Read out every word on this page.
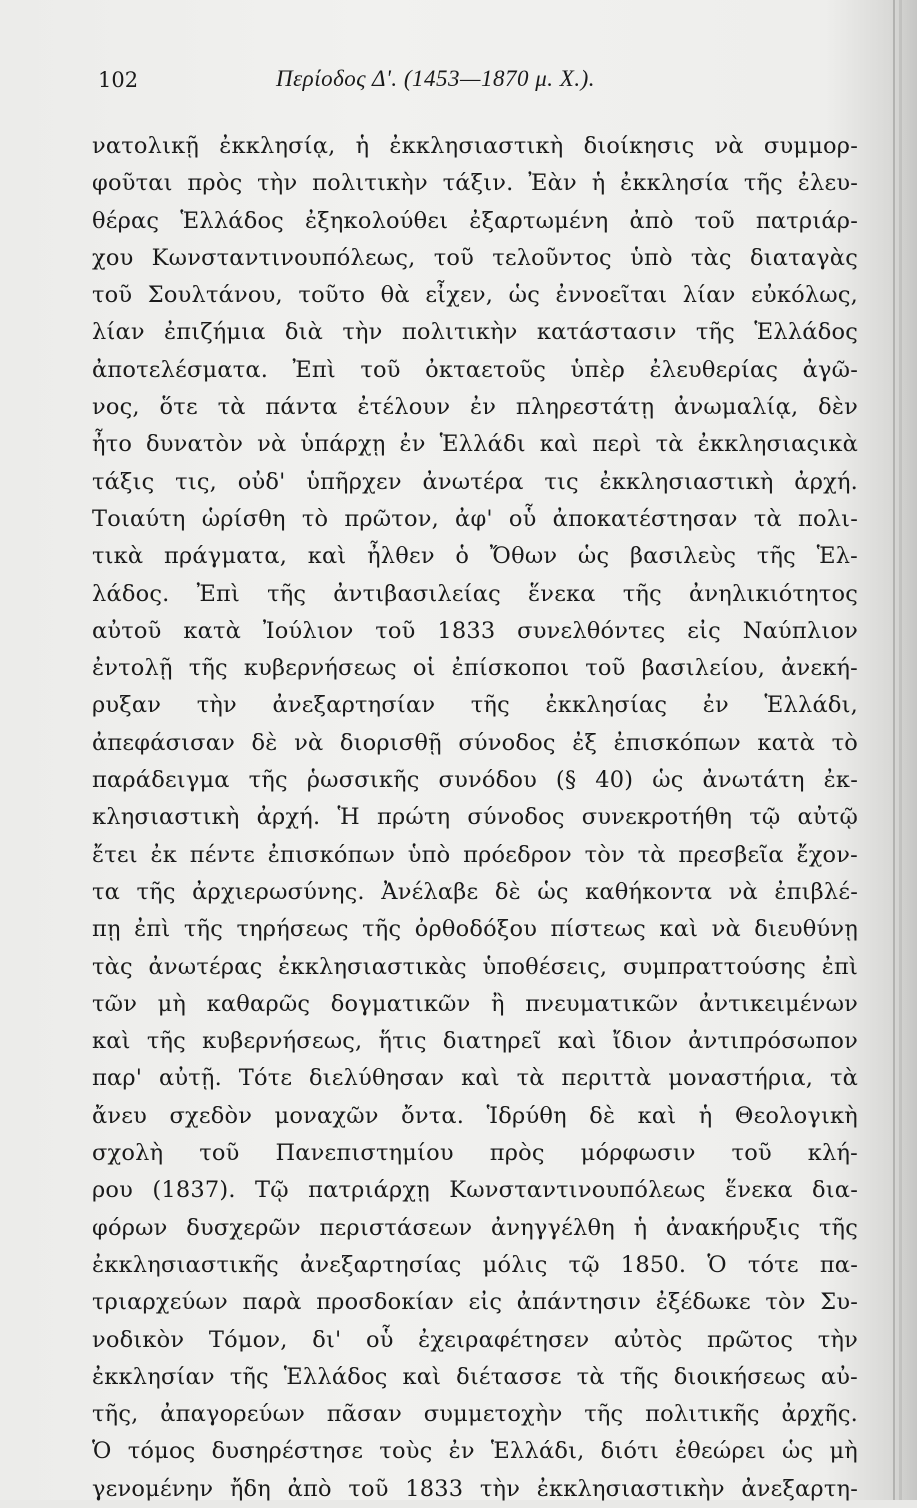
102	Περίοδος Δ'. (1453—1870 μ. Χ.).
νατολικῇ ἐκκλησίᾳ, ἡ ἐκκλησιαστικὴ διοίκησις νὰ συμμορ-
φοῦται πρὸς τὴν πολιτικὴν τάξιν. Ἐὰν ἡ ἐκκλησία τῆς ἐλευ-
θέρας Ἑλλάδος ἐξηκολούθει ἐξαρτωμένη ἀπὸ τοῦ πατριάρ-
χου Κωνσταντινουπόλεως, τοῦ τελοῦντος ὑπὸ τὰς διαταγὰς
τοῦ Σουλτάνου, τοῦτο θὰ εἶχεν, ὡς ἐννοεῖται λίαν εὐκόλως,
λίαν ἐπιζήμια διὰ τὴν πολιτικὴν κατάστασιν τῆς Ἑλλάδος
ἀποτελέσματα. Ἐπὶ τοῦ ὀκταετοῦς ὑπὲρ ἐλευθερίας ἀγῶ-
νος, ὅτε τὰ πάντα ἐτέλουν ἐν πληρεστάτῃ ἀνωμαλίᾳ, δὲν
ἦτο δυνατὸν νὰ ὑπάρχῃ ἐν Ἑλλάδι καὶ περὶ τὰ ἐκκλησιαςικὰ
τάξις τις, οὐδ' ὑπῆρχεν ἀνωτέρα τις ἐκκλησιαστικὴ ἀρχή.
Τοιαύτη ὡρίσθη τὸ πρῶτον, ἀφ' οὗ ἀποκατέστησαν τὰ πολι-
τικὰ πράγματα, καὶ ἦλθεν ὁ Ὄθων ὡς βασιλεὺς τῆς Ἑλ-
λάδος. Ἐπὶ τῆς ἀντιβασιλείας ἕνεκα τῆς ἀνηλικιότητος
αὐτοῦ κατὰ Ἰούλιον τοῦ 1833 συνελθόντες εἰς Ναύπλιον
ἐντολῇ τῆς κυβερνήσεως οἱ ἐπίσκοποι τοῦ βασιλείου, ἀνεκή-
ρυξαν τὴν ἀνεξαρτησίαν τῆς ἐκκλησίας ἐν Ἑλλάδι,
ἀπεφάσισαν δὲ νὰ διορισθῇ σύνοδος ἐξ ἐπισκόπων κατὰ τὸ
παράδειγμα τῆς ῥωσσικῆς συνόδου (§ 40) ὡς ἀνωτάτη ἐκ-
κλησιαστικὴ ἀρχή. Ἡ πρώτη σύνοδος συνεκροτήθη τῷ αὐτῷ
ἔτει ἐκ πέντε ἐπισκόπων ὑπὸ πρόεδρον τὸν τὰ πρεσβεῖα ἔχον-
τα τῆς ἀρχιερωσύνης. Ἀνέλαβε δὲ ὡς καθήκοντα νὰ ἐπιβλέ-
πῃ ἐπὶ τῆς τηρήσεως τῆς ὀρθοδόξου πίστεως καὶ νὰ διευθύνῃ
τὰς ἀνωτέρας ἐκκλησιαστικὰς ὑποθέσεις, συμπραττούσης ἐπὶ
τῶν μὴ καθαρῶς δογματικῶν ἢ πνευματικῶν ἀντικειμένων
καὶ τῆς κυβερνήσεως, ἥτις διατηρεῖ καὶ ἴδιον ἀντιπρόσωπον
παρ' αὐτῇ. Τότε διελύθησαν καὶ τὰ περιττὰ μοναστήρια, τὰ
ἄνευ σχεδὸν μοναχῶν ὄντα. Ἱδρύθη δὲ καὶ ἡ Θεολογικὴ
σχολὴ τοῦ Πανεπιστημίου πρὸς μόρφωσιν τοῦ κλή-
ρου (1837). Τῷ πατριάρχῃ Κωνσταντινουπόλεως ἕνεκα δια-
φόρων δυσχερῶν περιστάσεων ἀνηγγέλθη ἡ ἀνακήρυξις τῆς
ἐκκλησιαστικῆς ἀνεξαρτησίας μόλις τῷ 1850. Ὁ τότε πα-
τριαρχεύων παρὰ προσδοκίαν εἰς ἀπάντησιν ἐξέδωκε τὸν Συ-
νοδικὸν Τόμον, δι' οὗ ἐχειραφέτησεν αὐτὸς πρῶτος τὴν
ἐκκλησίαν τῆς Ἑλλάδος καὶ διέτασσε τὰ τῆς διοικήσεως αὐ-
τῆς, ἀπαγορεύων πᾶσαν συμμετοχὴν τῆς πολιτικῆς ἀρχῆς.
Ὁ τόμος δυσηρέστησε τοὺς ἐν Ἑλλάδι, διότι ἐθεώρει ὡς μὴ
γενομένην ἤδη ἀπὸ τοῦ 1833 τὴν ἐκκλησιαστικὴν ἀνεξαρτη-
